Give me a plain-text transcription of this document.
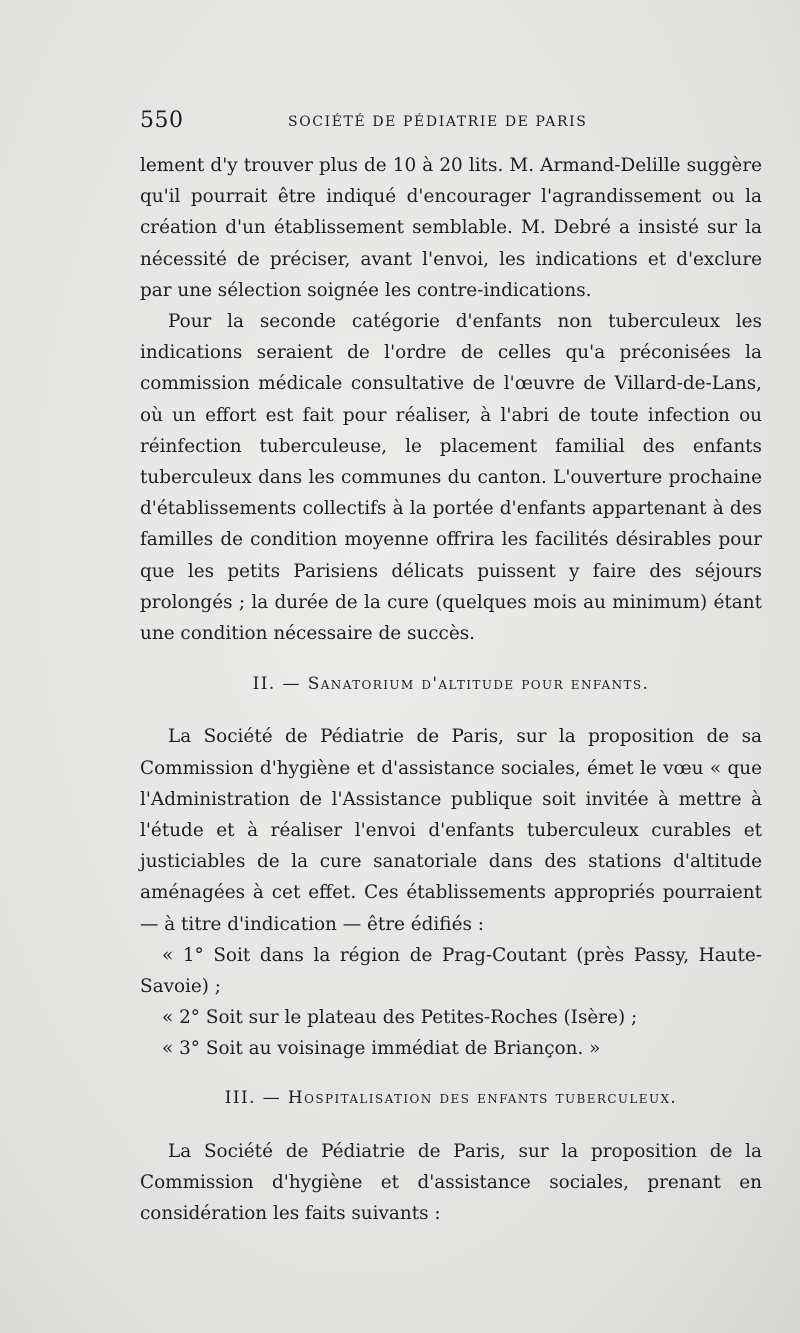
550	SOCIÉTÉ DE PÉDIATRIE DE PARIS

lement d'y trouver plus de 10 à 20 lits. M. Armand-Delille suggère qu'il pourrait être indiqué d'encourager l'agrandissement ou la création d'un établissement semblable. M. Debré a insisté sur la nécessité de préciser, avant l'envoi, les indications et d'exclure par une sélection soignée les contre-indications.

Pour la seconde catégorie d'enfants non tuberculeux les indications seraient de l'ordre de celles qu'a préconisées la commission médicale consultative de l'œuvre de Villard-de-Lans, où un effort est fait pour réaliser, à l'abri de toute infection ou réinfection tuberculeuse, le placement familial des enfants tuberculeux dans les communes du canton. L'ouverture prochaine d'établissements collectifs à la portée d'enfants appartenant à des familles de condition moyenne offrira les facilités désirables pour que les petits Parisiens délicats puissent y faire des séjours prolongés ; la durée de la cure (quelques mois au minimum) étant une condition nécessaire de succès.

II. — Sanatorium d'altitude pour enfants.

La Société de Pédiatrie de Paris, sur la proposition de sa Commission d'hygiène et d'assistance sociales, émet le vœu « que l'Administration de l'Assistance publique soit invitée à mettre à l'étude et à réaliser l'envoi d'enfants tuberculeux curables et justiciables de la cure sanatoriale dans des stations d'altitude aménagées à cet effet. Ces établissements appropriés pourraient — à titre d'indication — être édifiés :

« 1° Soit dans la région de Prag-Coutant (près Passy, Haute-Savoie) ;

« 2° Soit sur le plateau des Petites-Roches (Isère) ;

« 3° Soit au voisinage immédiat de Briançon. »

III. — Hospitalisation des enfants tuberculeux.

La Société de Pédiatrie de Paris, sur la proposition de la Commission d'hygiène et d'assistance sociales, prenant en considération les faits suivants :
